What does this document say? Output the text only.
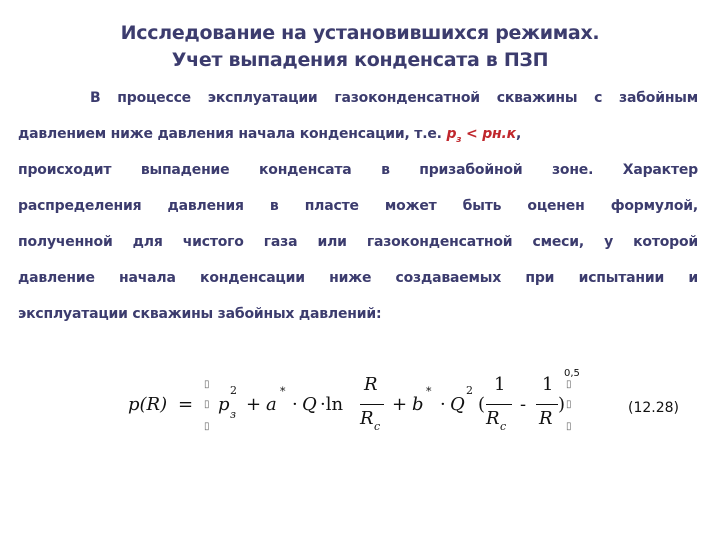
Исследование на установившихся режимах.
Учет выпадения конденсата в ПЗП
В процессе эксплуатации газоконденсатной скважины с забойным
давлением ниже давления начала конденсации, т.е. $р_з < рн.к$,
происходит выпадение конденсата в призабойной зоне. Характер
распределения давления в пласте может быть оценен формулой,
полученной для чистого газа или газоконденсатной смеси, у которой
давление начала конденсации ниже создаваемых при испытании и
эксплуатации скважины забойных давлений:
p(R) =
▯
▯
▯
p
2
з + a
*
· Q ·ln
R
R c
+ b
*
· Q
2
(
1
R c
-
1
R
)
▯
▯
▯
0,5
(12.28)
